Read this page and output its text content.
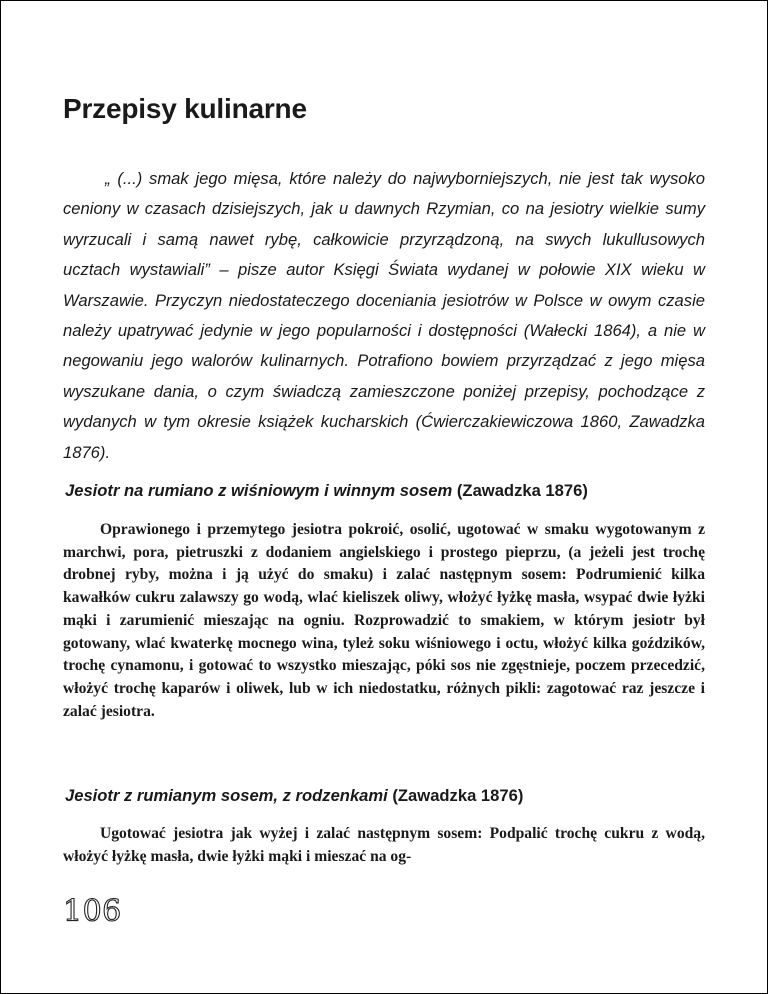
Przepisy kulinarne

„ (...) smak jego mięsa, które należy do najwyborniejszych, nie jest tak wysoko ceniony w czasach dzisiejszych, jak u dawnych Rzymian, co na jesiotry wielkie sumy wyrzucali i samą nawet rybę, całkowicie przyrządzoną, na swych lukullusowych ucztach wystawiali” – pisze autor Księgi Świata wydanej w połowie XIX wieku w Warszawie. Przyczyn niedostateczego doceniania jesiotrów w Polsce w owym czasie należy upatrywać jedynie w jego popularności i dostępności (Wałecki 1864), a nie w negowaniu jego walorów kulinarnych. Potrafiono bowiem przyrządzać z jego mięsa wyszukane dania, o czym świadczą zamieszczone poniżej przepisy, pochodzące z wydanych w tym okresie książek kucharskich (Ćwierczakiewiczowa 1860, Zawadzka 1876).

Jesiotr na rumiano z wiśniowym i winnym sosem (Zawadzka 1876)

Oprawionego i przemytego jesiotra pokroić, osolić, ugotować w smaku wygotowanym z marchwi, pora, pietruszki z dodaniem angielskiego i prostego pieprzu, (a jeżeli jest trochę drobnej ryby, można i ją użyć do smaku) i zalać następnym sosem: Podrumienić kilka kawałków cukru zalawszy go wodą, wlać kieliszek oliwy, włożyć łyżkę masła, wsypać dwie łyżki mąki i zarumienić mieszając na ogniu. Rozprowadzić to smakiem, w którym jesiotr był gotowany, wlać kwaterkę mocnego wina, tyleż soku wiśniowego i octu, włożyć kilka goździków, trochę cynamonu, i gotować to wszystko mieszając, póki sos nie zgęstnieje, poczem przecedzić, włożyć trochę kaparów i oliwek, lub w ich niedostatku, różnych pikli: zagotować raz jeszcze i zalać jesiotra.

Jesiotr z rumianym sosem, z rodzenkami (Zawadzka 1876)

Ugotować jesiotra jak wyżej i zalać następnym sosem: Podpalić trochę cukru z wodą, włożyć łyżkę masła, dwie łyżki mąki i mieszać na og-

106
